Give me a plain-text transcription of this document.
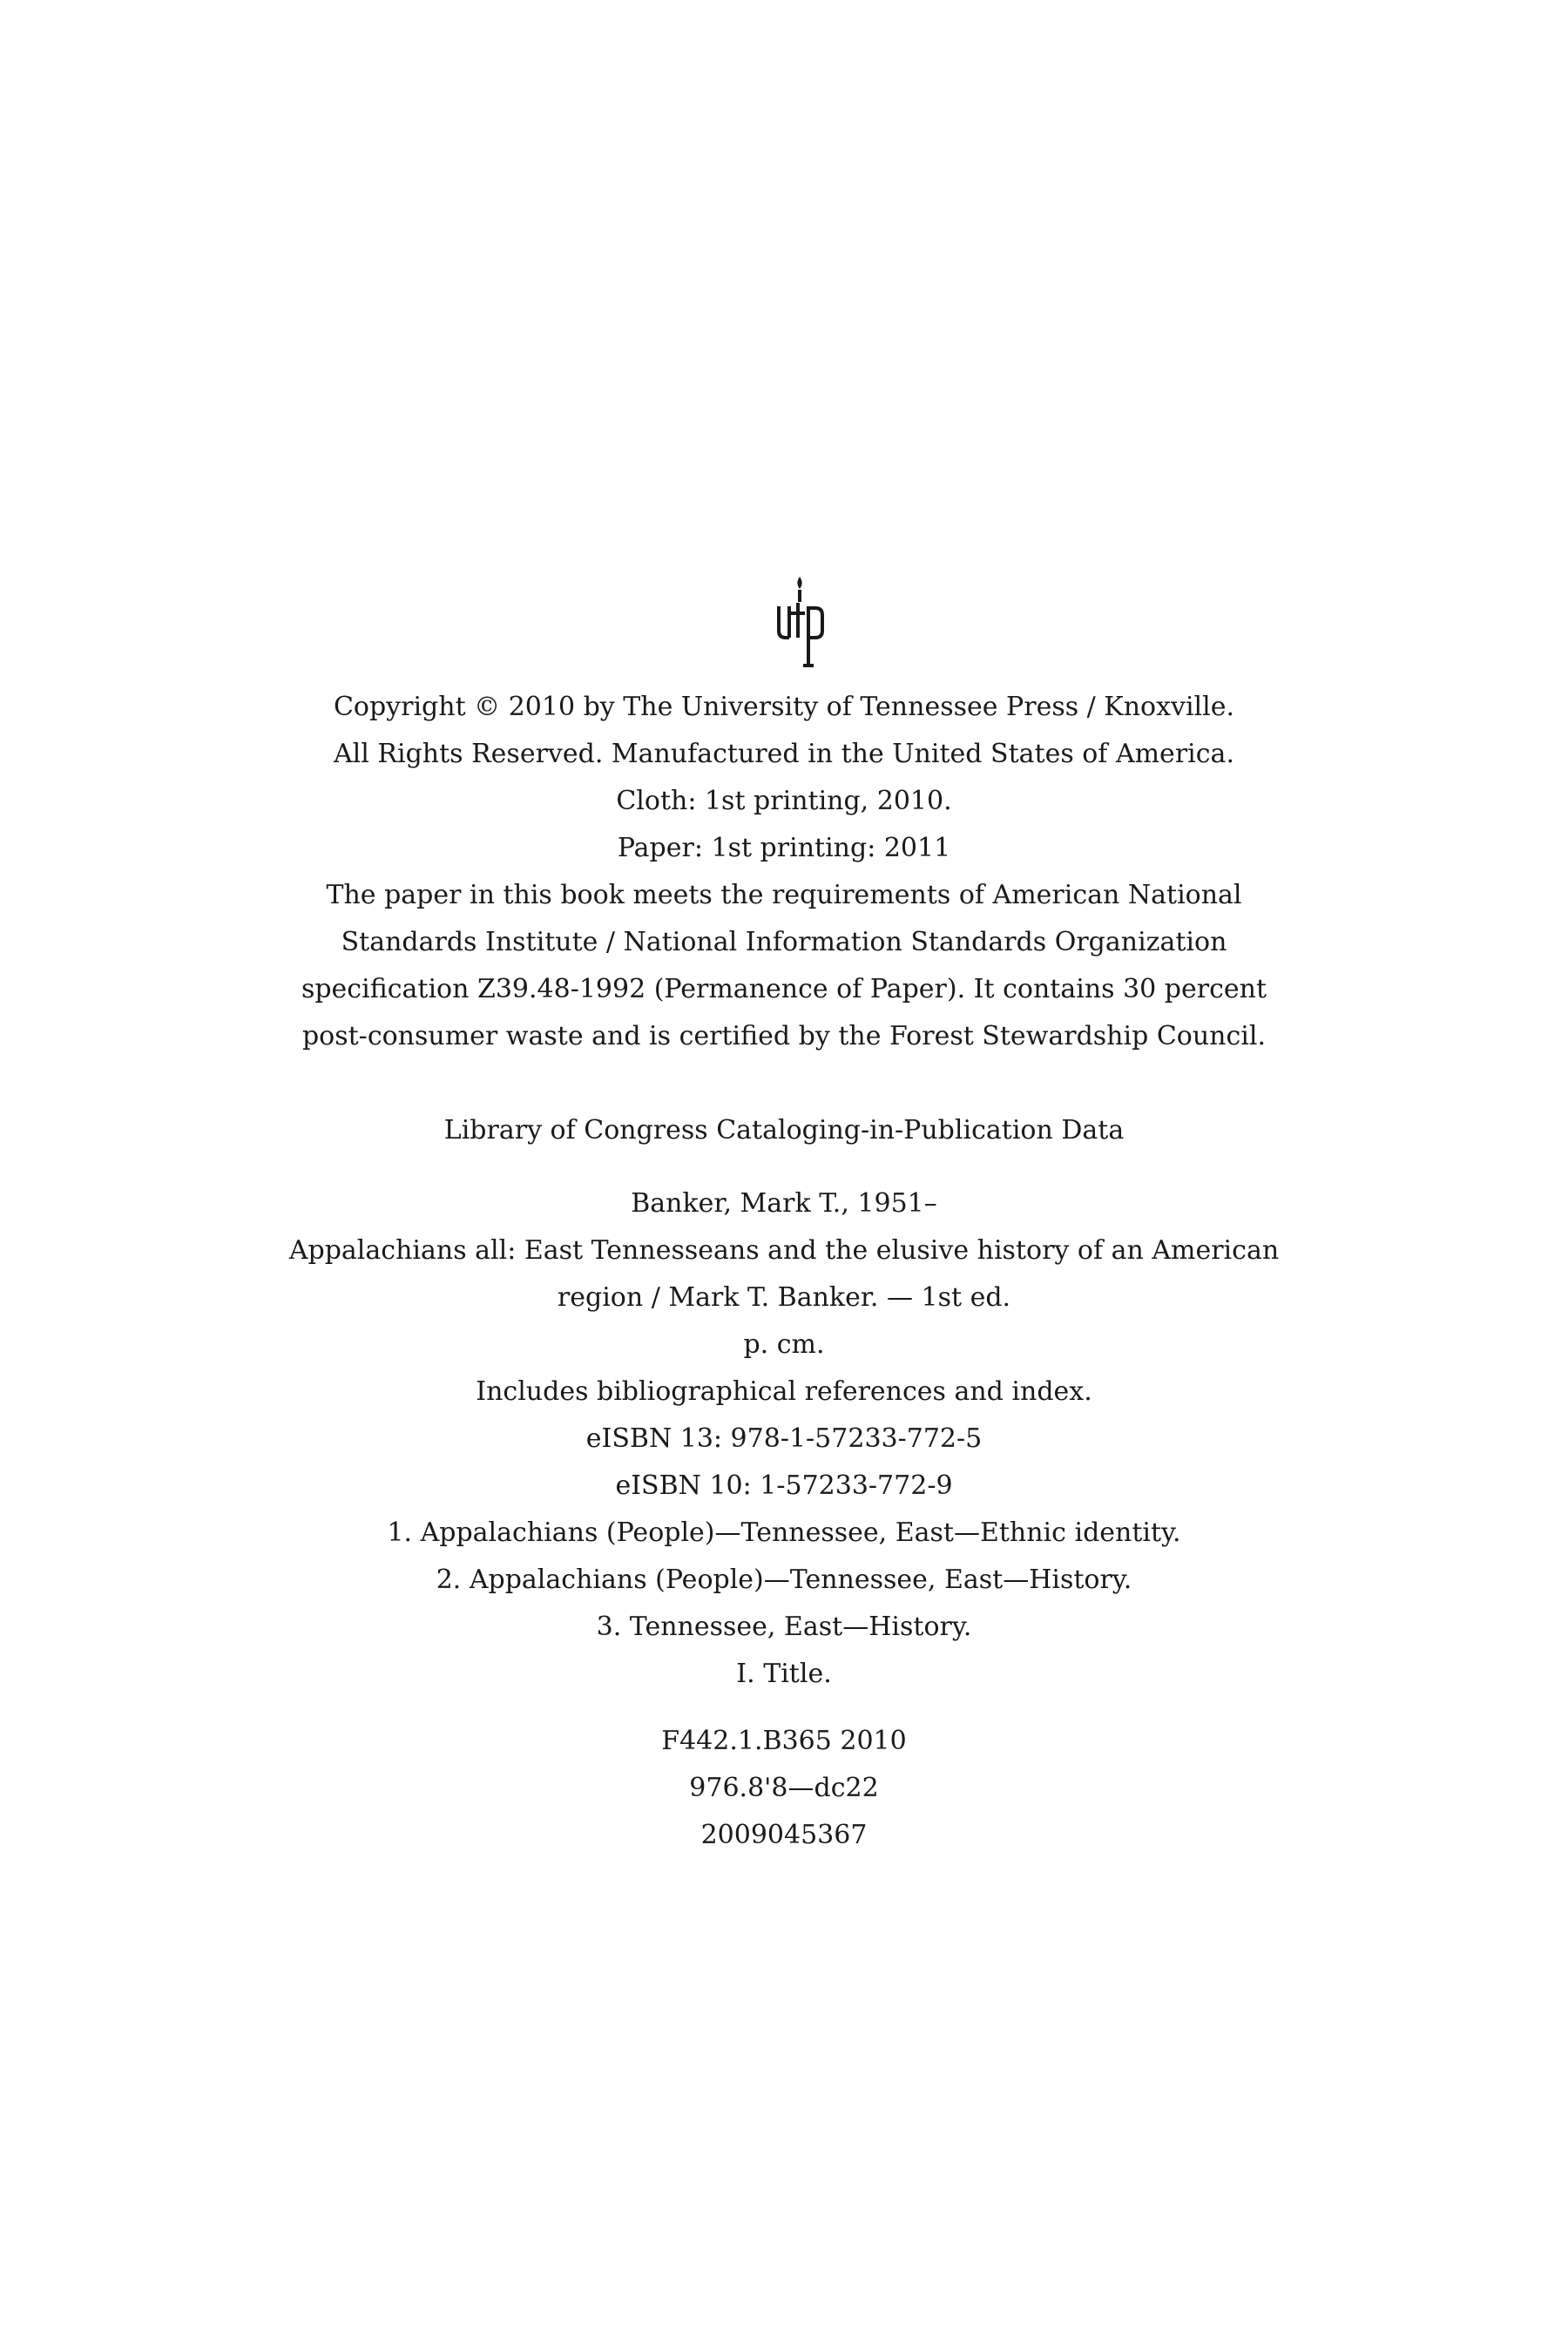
Copyright © 2010 by The University of Tennessee Press / Knoxville.
All Rights Reserved. Manufactured in the United States of America.
Cloth: 1st printing, 2010.
Paper: 1st printing: 2011
The paper in this book meets the requirements of American National
Standards Institute / National Information Standards Organization
specification Z39.48-1992 (Permanence of Paper). It contains 30 percent
post-consumer waste and is certified by the Forest Stewardship Council.
Library of Congress Cataloging-in-Publication Data
Banker, Mark T., 1951–
Appalachians all: East Tennesseans and the elusive history of an American
region / Mark T. Banker. — 1st ed.
p. cm.
Includes bibliographical references and index.
eISBN 13: 978-1-57233-772-5
eISBN 10: 1-57233-772-9
1. Appalachians (People)—Tennessee, East—Ethnic identity.
2. Appalachians (People)—Tennessee, East—History.
3. Tennessee, East—History.
I. Title.
F442.1.B365 2010
976.8'8—dc22
2009045367
